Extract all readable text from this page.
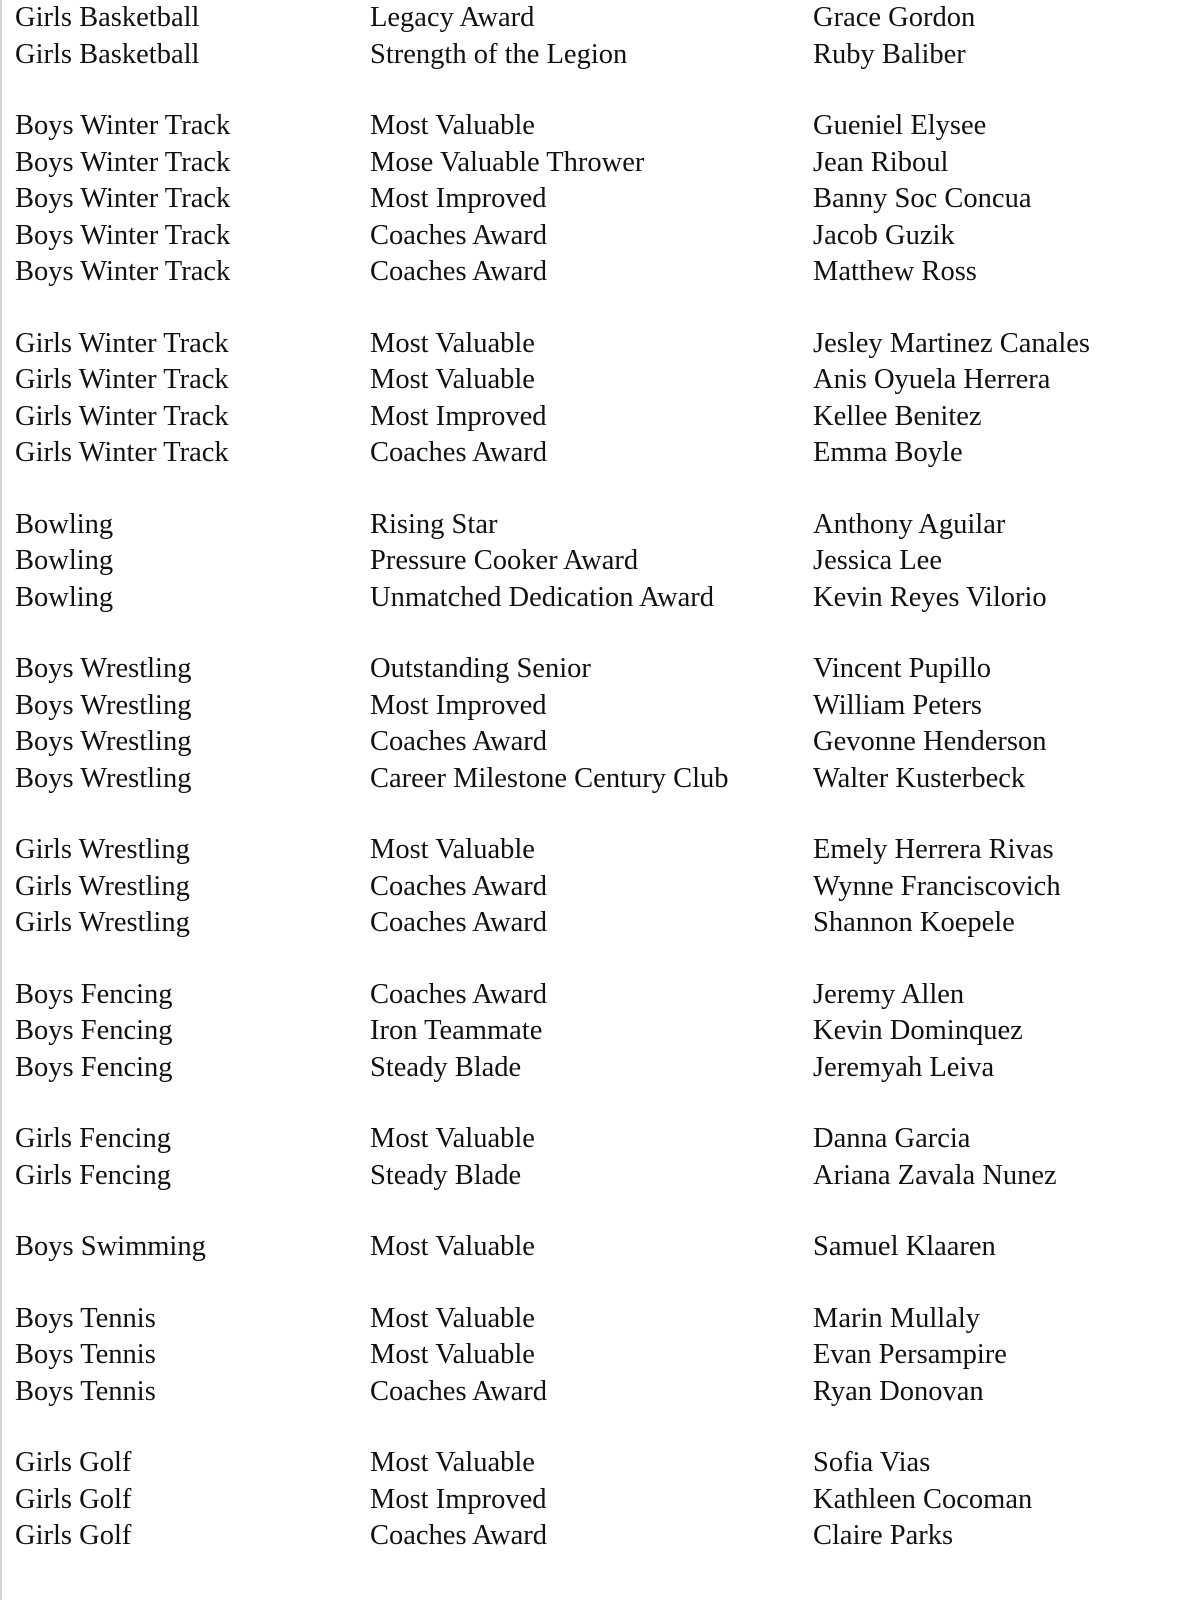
Girls Basketball	Legacy Award	Grace Gordon
Girls Basketball	Strength of the Legion	Ruby Baliber
Boys Winter Track	Most Valuable	Gueniel Elysee
Boys Winter Track	Mose Valuable Thrower	Jean Riboul
Boys Winter Track	Most Improved	Banny Soc Concua
Boys Winter Track	Coaches Award	Jacob Guzik
Boys Winter Track	Coaches Award	Matthew Ross
Girls Winter Track	Most Valuable	Jesley Martinez Canales
Girls Winter Track	Most Valuable	Anis Oyuela Herrera
Girls Winter Track	Most Improved	Kellee Benitez
Girls Winter Track	Coaches Award	Emma Boyle
Bowling	Rising Star	Anthony Aguilar
Bowling	Pressure Cooker Award	Jessica Lee
Bowling	Unmatched Dedication Award	Kevin Reyes Vilorio
Boys Wrestling	Outstanding Senior	Vincent Pupillo
Boys Wrestling	Most Improved	William Peters
Boys Wrestling	Coaches Award	Gevonne Henderson
Boys Wrestling	Career Milestone Century Club	Walter Kusterbeck
Girls Wrestling	Most Valuable	Emely Herrera Rivas
Girls Wrestling	Coaches Award	Wynne Franciscovich
Girls Wrestling	Coaches Award	Shannon Koepele
Boys Fencing	Coaches Award	Jeremy Allen
Boys Fencing	Iron Teammate	Kevin Dominquez
Boys Fencing	Steady Blade	Jeremyah Leiva
Girls Fencing	Most Valuable	Danna Garcia
Girls Fencing	Steady Blade	Ariana Zavala Nunez
Boys Swimming	Most Valuable	Samuel Klaaren
Boys Tennis	Most Valuable	Marin Mullaly
Boys Tennis	Most Valuable	Evan Persampire
Boys Tennis	Coaches Award	Ryan Donovan
Girls Golf	Most Valuable	Sofia Vias
Girls Golf	Most Improved	Kathleen Cocoman
Girls Golf	Coaches Award	Claire Parks
